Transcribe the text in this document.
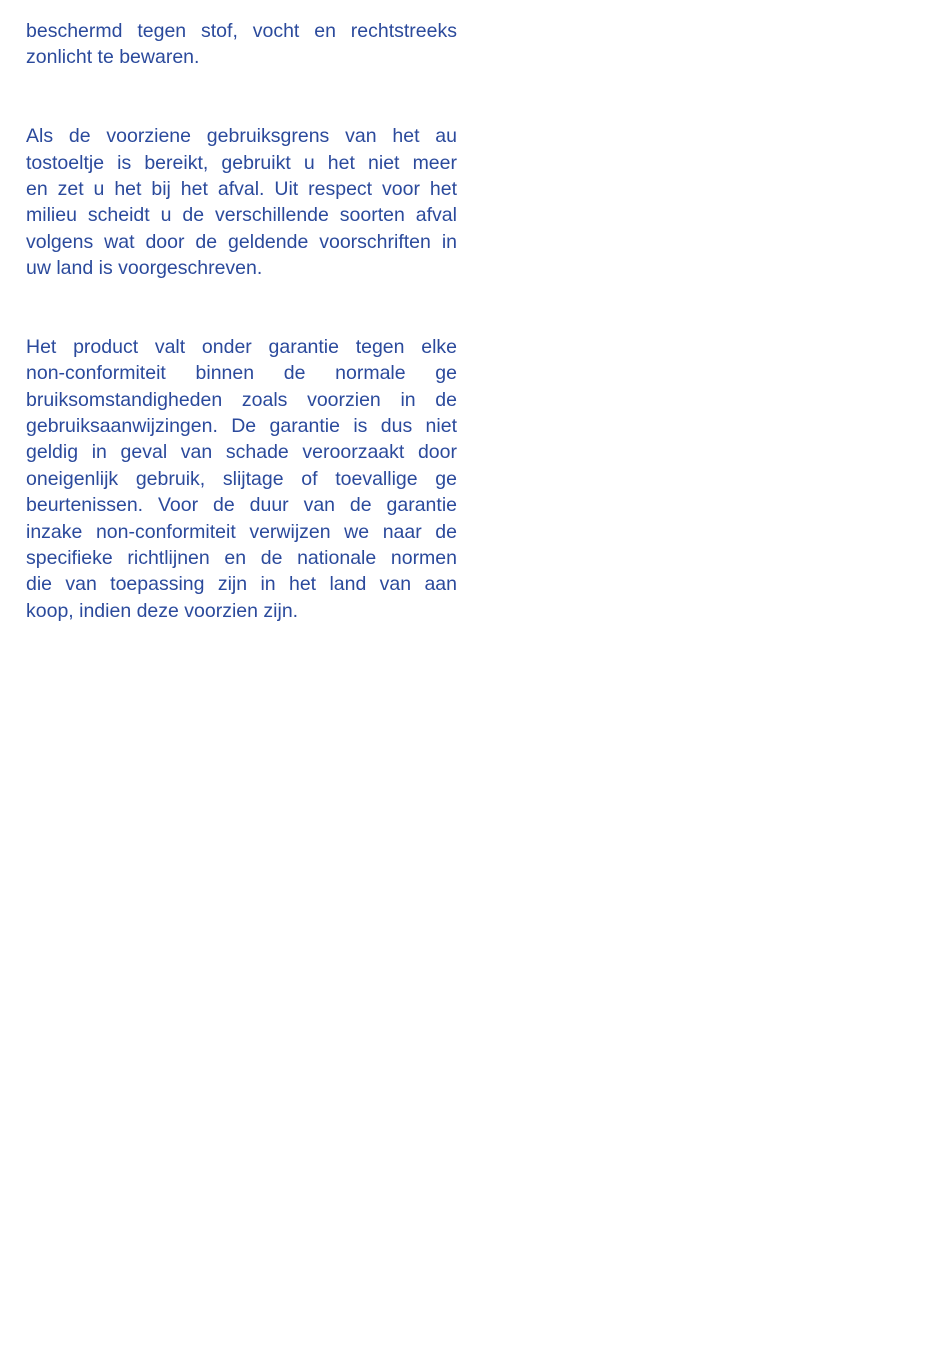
beschermd tegen stof, vocht en rechtstreeks
zonlicht te bewaren.
Als de voorziene gebruiksgrens van het au
tostoeltje is bereikt, gebruikt u het niet meer
en zet u het bij het afval. Uit respect voor het
milieu scheidt u de verschillende soorten afval
volgens wat door de geldende voorschriften in
uw land is voorgeschreven.
Het product valt onder garantie tegen elke
non-conformiteit binnen de normale ge
bruiksomstandigheden zoals voorzien in de
gebruiksaanwijzingen. De garantie is dus niet
geldig in geval van schade veroorzaakt door
oneigenlijk gebruik, slijtage of toevallige ge
beurtenissen. Voor de duur van de garantie
inzake non-conformiteit verwijzen we naar de
specifieke richtlijnen en de nationale normen
die van toepassing zijn in het land van aan
koop, indien deze voorzien zijn.
